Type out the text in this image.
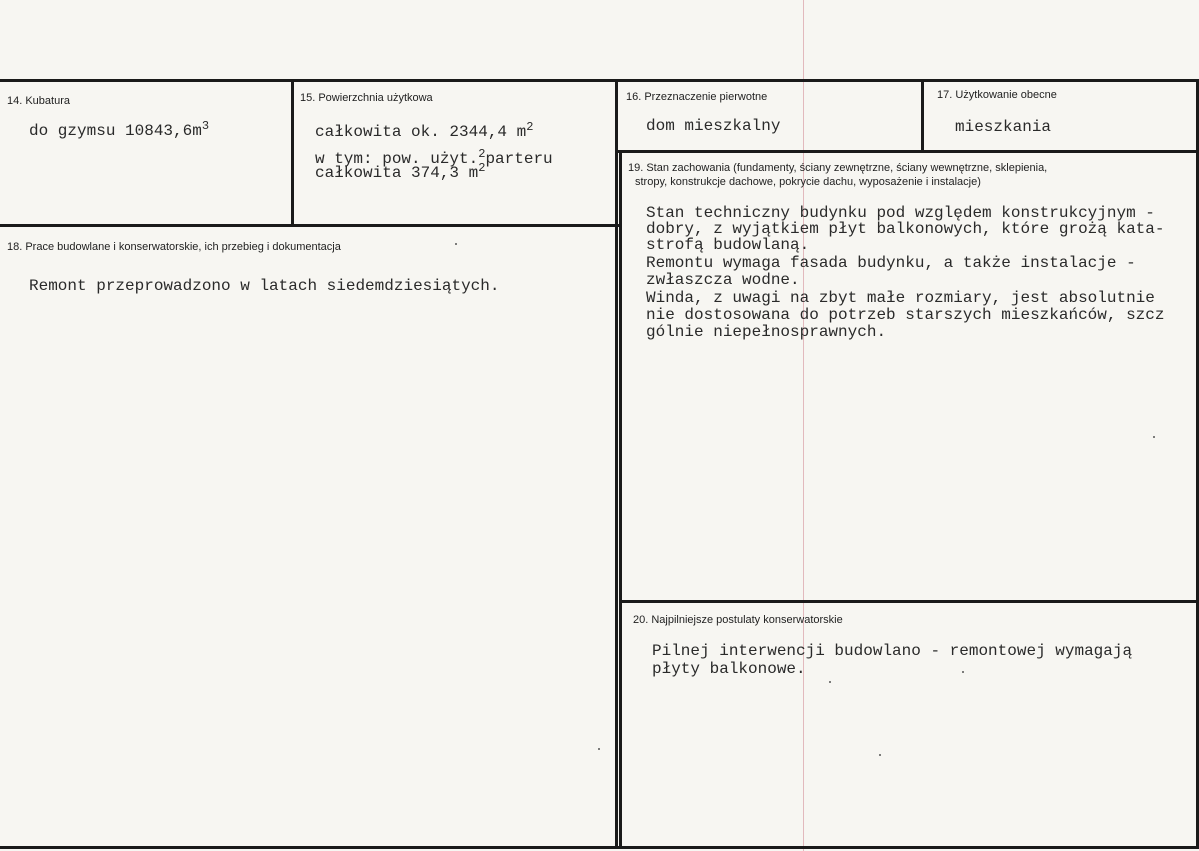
14. Kubatura
do gzymsu $10843,6m^3$
15. Powierzchnia użytkowa
całkowita ok. 2344,4 $m^2$
w tym: pow. użyt.$^2$parteru
całkowita 374,3 $m^2$
16. Przeznaczenie pierwotne
dom mieszkalny
17. Użytkowanie obecne
mieszkania
18. Prace budowlane i konserwatorskie, ich przebieg i dokumentacja
Remont przeprowadzono w latach siedemdziesiątych.
19. Stan zachowania (fundamenty, ściany zewnętrzne, ściany wewnętrzne, sklepienia,
stropy, konstrukcje dachowe, pokrycie dachu, wyposażenie i instalacje)
Stan techniczny budynku pod względem konstrukcyjnym -
dobry, z wyjątkiem płyt balkonowych, które grożą kata-
strofą budowlaną.
Remontu wymaga fasada budynku, a także instalacje -
zwłaszcza wodne.
Winda, z uwagi na zbyt małe rozmiary, jest absolutnie
nie dostosowana do potrzeb starszych mieszkańców, szcz
gólnie niepełnosprawnych.
20. Najpilniejsze postulaty konserwatorskie
Pilnej interwencji budowlano - remontowej wymagają
płyty balkonowe.
